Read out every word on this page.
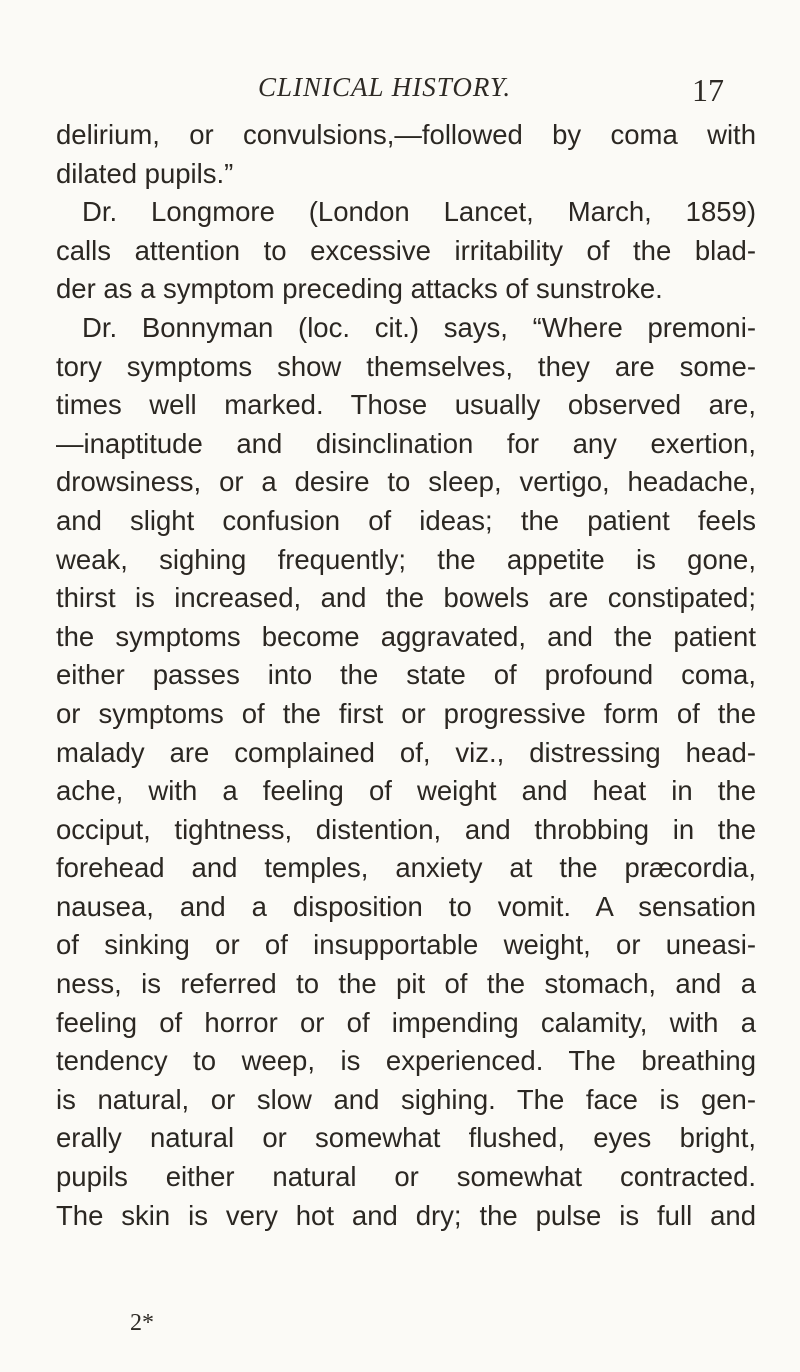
CLINICAL HISTORY.	17
delirium, or convulsions,—followed by coma with
dilated pupils.”
Dr. Longmore (London Lancet, March, 1859)
calls attention to excessive irritability of the blad-
der as a symptom preceding attacks of sunstroke.
Dr. Bonnyman (loc. cit.) says, “Where premoni-
tory symptoms show themselves, they are some-
times well marked. Those usually observed are,
—inaptitude and disinclination for any exertion,
drowsiness, or a desire to sleep, vertigo, headache,
and slight confusion of ideas; the patient feels
weak, sighing frequently; the appetite is gone,
thirst is increased, and the bowels are constipated;
the symptoms become aggravated, and the patient
either passes into the state of profound coma,
or symptoms of the first or progressive form of the
malady are complained of, viz., distressing head-
ache, with a feeling of weight and heat in the
occiput, tightness, distention, and throbbing in the
forehead and temples, anxiety at the præcordia,
nausea, and a disposition to vomit. A sensation
of sinking or of insupportable weight, or uneasi-
ness, is referred to the pit of the stomach, and a
feeling of horror or of impending calamity, with a
tendency to weep, is experienced. The breathing
is natural, or slow and sighing. The face is gen-
erally natural or somewhat flushed, eyes bright,
pupils either natural or somewhat contracted.
The skin is very hot and dry; the pulse is full and
2*
